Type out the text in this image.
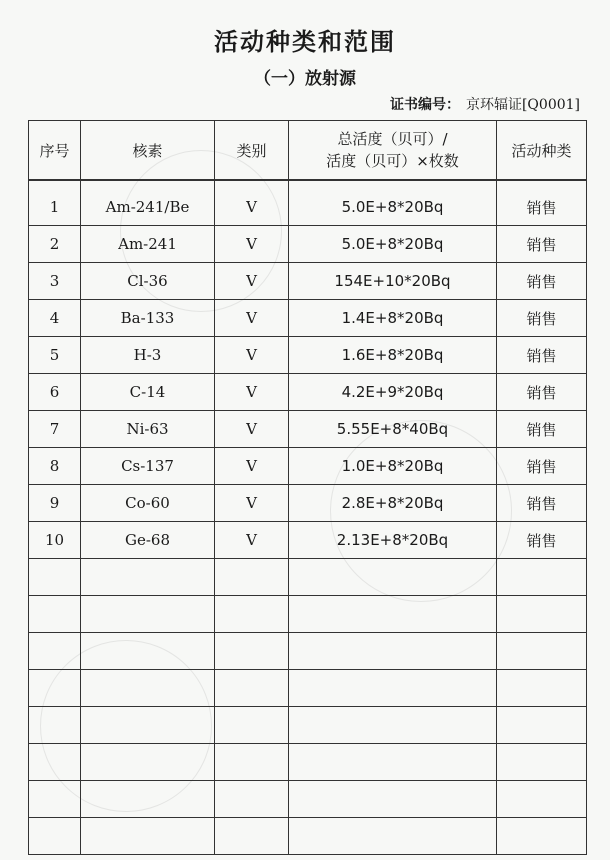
活动种类和范围
（一）放射源
证书编号： 京环辐证[Q0001]
序号	核素	类别	总活度（贝可）/
活度（贝可）×枚数	活动种类

1	Am-241/Be	V	5.0E+8*20Bq	销售
2	Am-241	V	5.0E+8*20Bq	销售
3	Cl-36	V	154E+10*20Bq	销售
4	Ba-133	V	1.4E+8*20Bq	销售
5	H-3	V	1.6E+8*20Bq	销售
6	C-14	V	4.2E+9*20Bq	销售
7	Ni-63	V	5.55E+8*40Bq	销售
8	Cs-137	V	1.0E+8*20Bq	销售
9	Co-60	V	2.8E+8*20Bq	销售
10	Ge-68	V	2.13E+8*20Bq	销售
